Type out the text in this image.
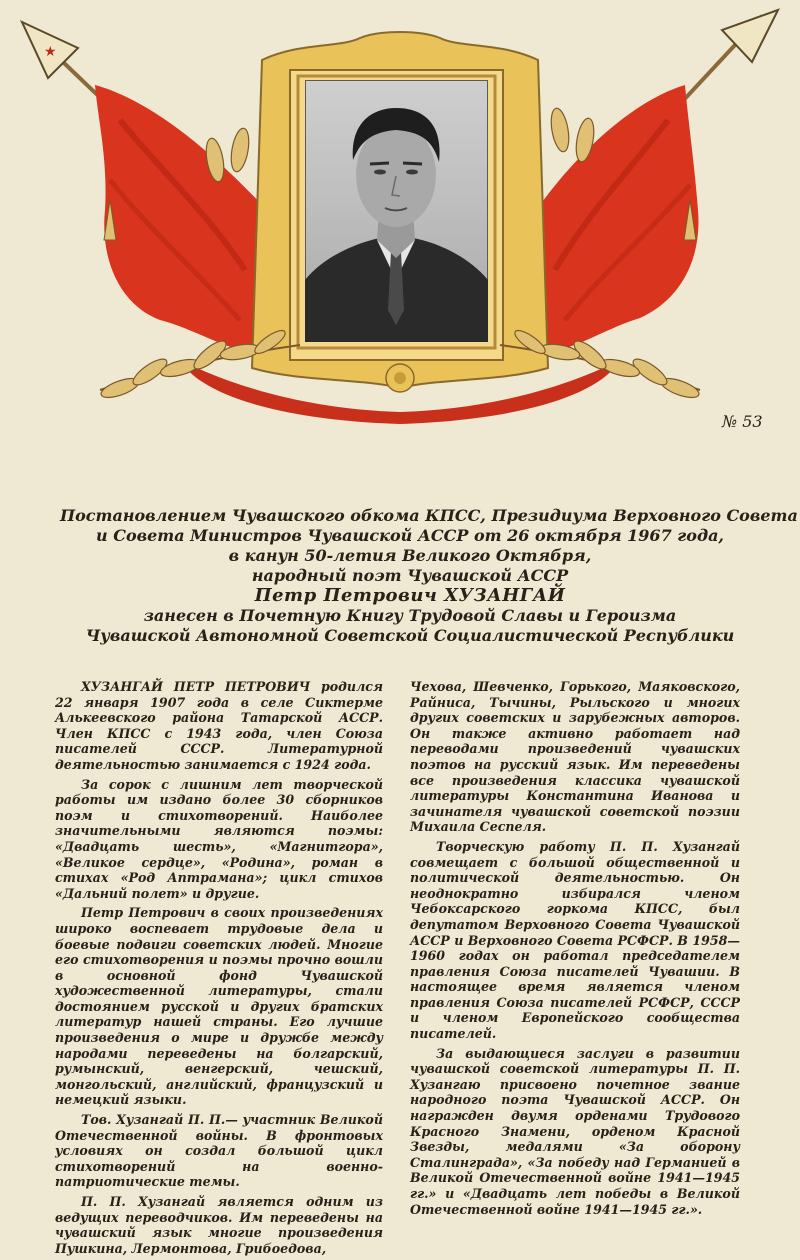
★
№ 53
Постановлением Чувашского обкома КПСС, Президиума Верховного Совета
и Совета Министров Чувашской АССР от 26 октября 1967 года,
в канун 50-летия Великого Октября,
народный поэт Чувашской АССР
Петр Петрович ХУЗАНГАЙ
занесен в Почетную Книгу Трудовой Славы и Героизма
Чувашской Автономной Советской Социалистической Республики

ХУЗАНГАЙ ПЕТР ПЕТРОВИЧ родился 22 января 1907 года в селе Сиктерме Алькеевского района Татарской АССР. Член КПСС с 1943 года, член Союза писателей СССР. Литературной деятельностью занимается с 1924 года.

За сорок с лишним лет творческой работы им издано более 30 сборников поэм и стихотворений. Наиболее значительными являются поэмы: «Двадцать шесть», «Магнитгора», «Великое сердце», «Родина», роман в стихах «Род Аптрамана»; цикл стихов «Дальний полет» и другие.

Петр Петрович в своих произведениях широко воспевает трудовые дела и боевые подвиги советских людей. Многие его стихотворения и поэмы прочно вошли в основной фонд Чувашской художественной литературы, стали достоянием русской и других братских литератур нашей страны. Его лучшие произведения о мире и дружбе между народами переведены на болгарский, румынский, венгерский, чешский, монгольский, английский, французский и немецкий языки.

Тов. Хузангай П. П.— участник Великой Отечественной войны. В фронтовых условиях он создал большой цикл стихотворений на военно-патриотические темы.

П. П. Хузангай является одним из ведущих переводчиков. Им переведены на чувашский язык многие произведения Пушкина, Лермонтова, Грибоедова,

Чехова, Шевченко, Горького, Маяковского, Райниса, Тычины, Рыльского и многих других советских и зарубежных авторов. Он также активно работает над переводами произведений чувашских поэтов на русский язык. Им переведены все произведения классика чувашской литературы Константина Иванова и зачинателя чувашской советской поэзии Михаила Сеспеля.

Творческую работу П. П. Хузангай совмещает с большой общественной и политической деятельностью. Он неоднократно избирался членом Чебоксарского горкома КПСС, был депутатом Верховного Совета Чувашской АССР и Верховного Совета РСФСР. В 1958—1960 годах он работал председателем правления Союза писателей Чувашии. В настоящее время является членом правления Союза писателей РСФСР, СССР и членом Европейского сообщества писателей.

За выдающиеся заслуги в развитии чувашской советской литературы П. П. Хузангаю присвоено почетное звание народного поэта Чувашской АССР. Он награжден двумя орденами Трудового Красного Знамени, орденом Красной Звезды, медалями «За оборону Сталинграда», «За победу над Германией в Великой Отечественной войне 1941—1945 гг.» и «Двадцать лет победы в Великой Отечественной войне 1941—1945 гг.».
